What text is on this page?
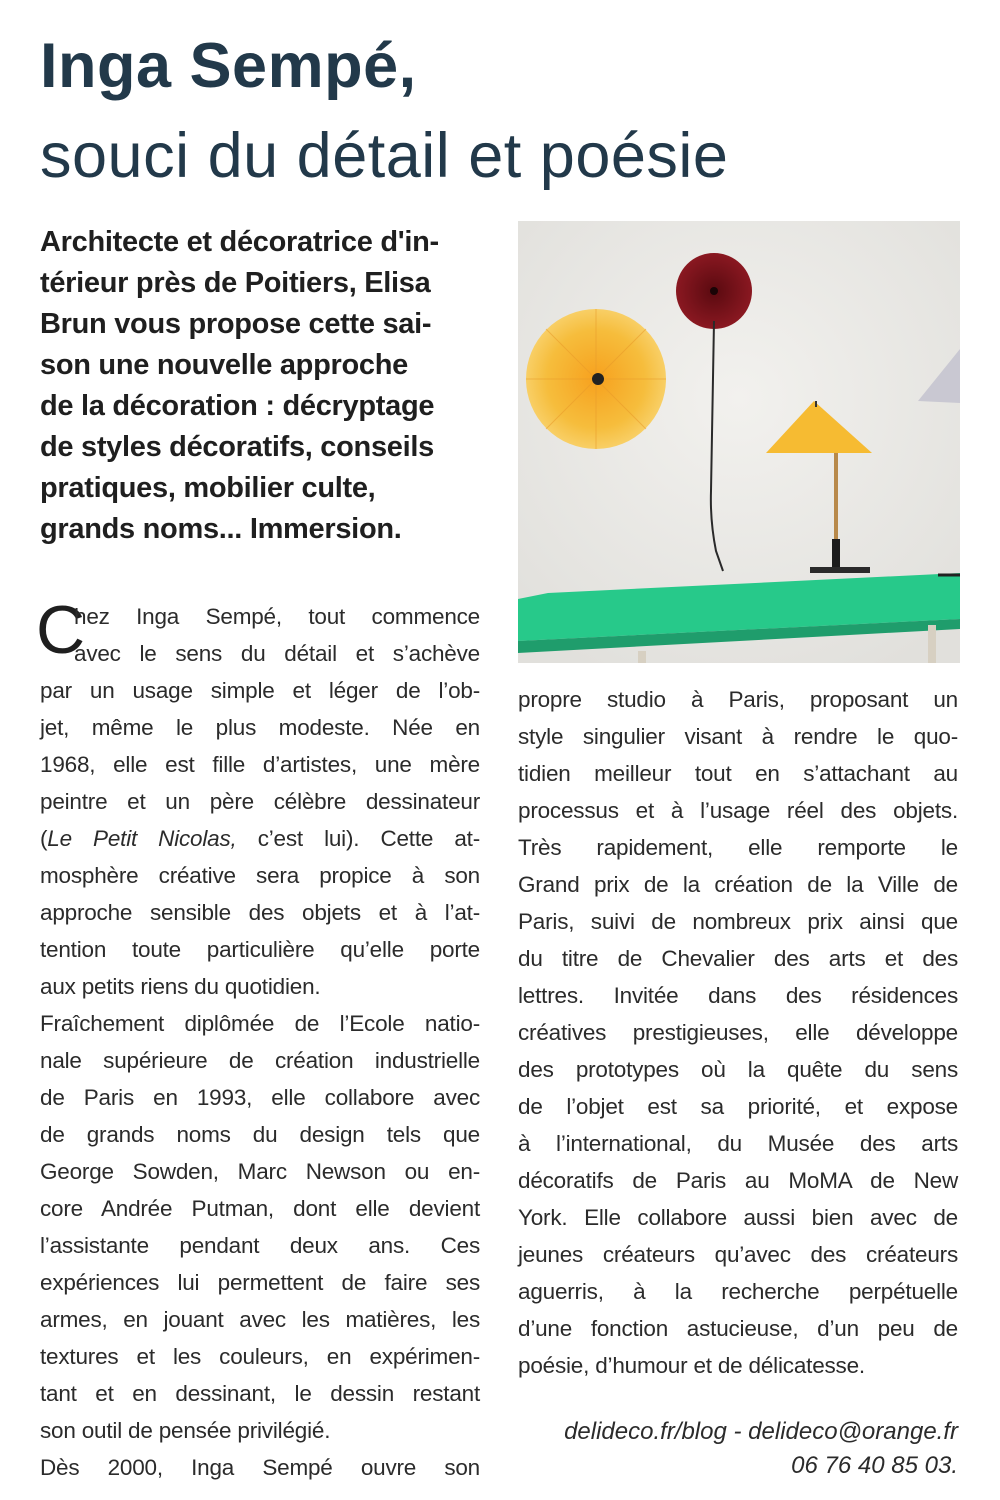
Inga Sempé,
souci du détail et poésie

Architecte et décoratrice d'in-
térieur près de Poitiers, Elisa
Brun vous propose cette sai-
son une nouvelle approche
de la décoration : décryptage
de styles décoratifs, conseils
pratiques, mobilier culte,
grands noms... Immersion.

C
hez Inga Sempé, tout commence
avec le sens du détail et s’achève
par un usage simple et léger de l’ob-
jet, même le plus modeste. Née en
1968, elle est fille d’artistes, une mère
peintre et un père célèbre dessinateur
(Le Petit Nicolas, c’est lui). Cette at-
mosphère créative sera propice à son
approche sensible des objets et à l’at-
tention toute particulière qu’elle porte
aux petits riens du quotidien.
Fraîchement diplômée de l’Ecole natio-
nale supérieure de création industrielle
de Paris en 1993, elle collabore avec
de grands noms du design tels que
George Sowden, Marc Newson ou en-
core Andrée Putman, dont elle devient
l’assistante pendant deux ans. Ces
expériences lui permettent de faire ses
armes, en jouant avec les matières, les
textures et les couleurs, en expérimen-
tant et en dessinant, le dessin restant
son outil de pensée privilégié.
Dès 2000, Inga Sempé ouvre son
propre studio à Paris, proposant un
style singulier visant à rendre le quo-
tidien meilleur tout en s’attachant au
processus et à l’usage réel des objets.
Très rapidement, elle remporte le
Grand prix de la création de la Ville de
Paris, suivi de nombreux prix ainsi que
du titre de Chevalier des arts et des
lettres. Invitée dans des résidences
créatives prestigieuses, elle développe
des prototypes où la quête du sens
de l’objet est sa priorité, et expose
à l’international, du Musée des arts
décoratifs de Paris au MoMA de New
York. Elle collabore aussi bien avec de
jeunes créateurs qu’avec des créateurs
aguerris, à la recherche perpétuelle
d’une fonction astucieuse, d’un peu de
poésie, d’humour et de délicatesse.
delideco.fr/blog - delideco@orange.fr
06 76 40 85 03.
